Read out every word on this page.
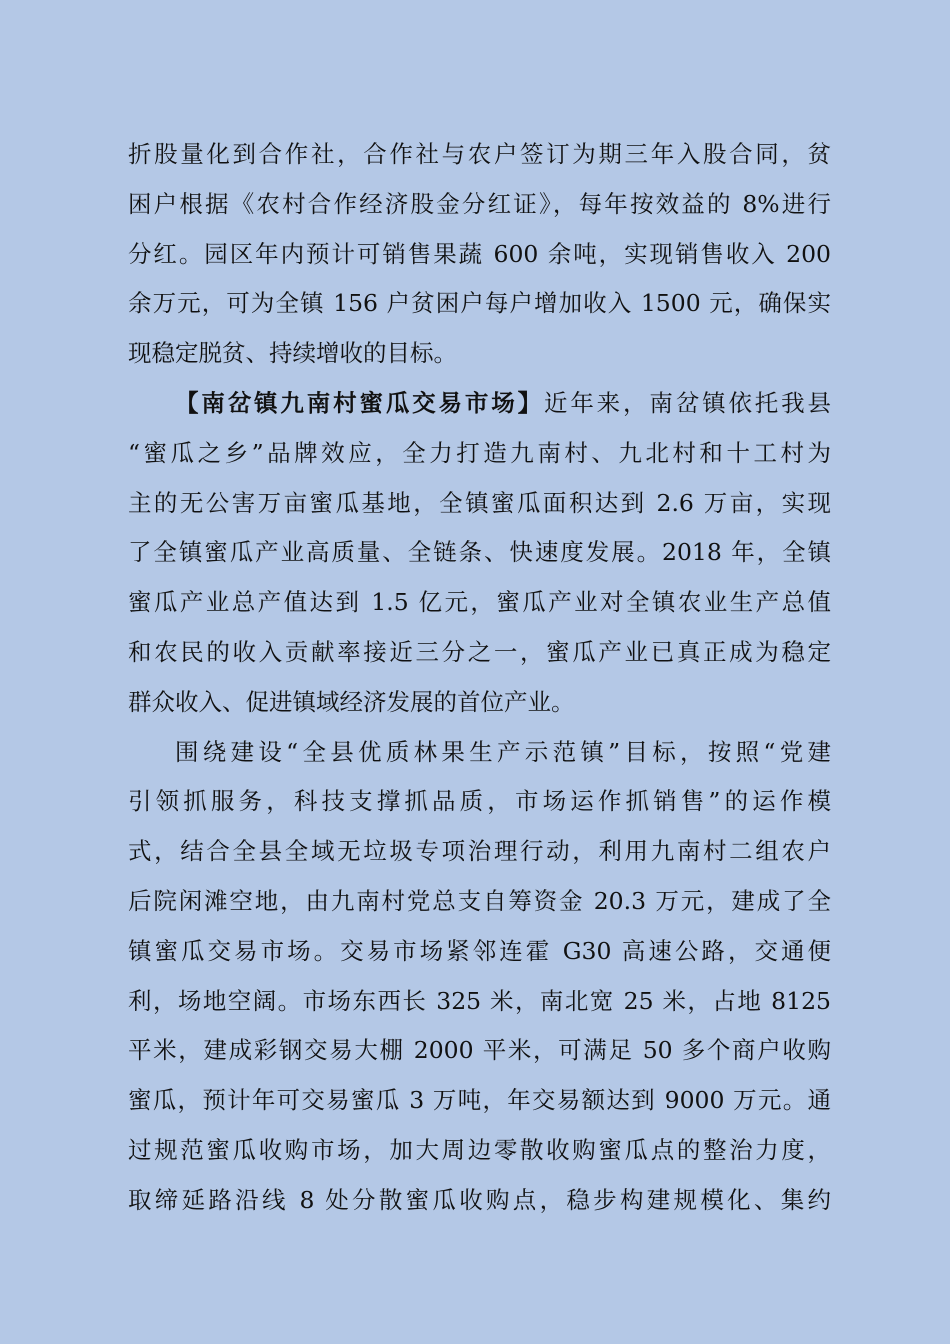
折股量化到合作社，合作社与农户签订为期三年入股合同，贫
困户根据《农村合作经济股金分红证》，每年按效益的 8%进行
分红。园区年内预计可销售果蔬 600 余吨，实现销售收入 200
余万元，可为全镇 156 户贫困户每户增加收入 1500 元，确保实
现稳定脱贫、持续增收的目标。
【南岔镇九南村蜜瓜交易市场】近年来，南岔镇依托我县
“蜜瓜之乡”品牌效应，全力打造九南村、九北村和十工村为
主的无公害万亩蜜瓜基地，全镇蜜瓜面积达到 2.6 万亩，实现
了全镇蜜瓜产业高质量、全链条、快速度发展。2018 年，全镇
蜜瓜产业总产值达到 1.5 亿元，蜜瓜产业对全镇农业生产总值
和农民的收入贡献率接近三分之一，蜜瓜产业已真正成为稳定
群众收入、促进镇域经济发展的首位产业。
围绕建设“全县优质林果生产示范镇”目标，按照“党建
引领抓服务，科技支撑抓品质，市场运作抓销售”的运作模
式，结合全县全域无垃圾专项治理行动，利用九南村二组农户
后院闲滩空地，由九南村党总支自筹资金 20.3 万元，建成了全
镇蜜瓜交易市场。交易市场紧邻连霍 G30 高速公路，交通便
利，场地空阔。市场东西长 325 米，南北宽 25 米，占地 8125
平米，建成彩钢交易大棚 2000 平米，可满足 50 多个商户收购
蜜瓜，预计年可交易蜜瓜 3 万吨，年交易额达到 9000 万元。通
过规范蜜瓜收购市场，加大周边零散收购蜜瓜点的整治力度，
取缔延路沿线 8 处分散蜜瓜收购点，稳步构建规模化、集约
